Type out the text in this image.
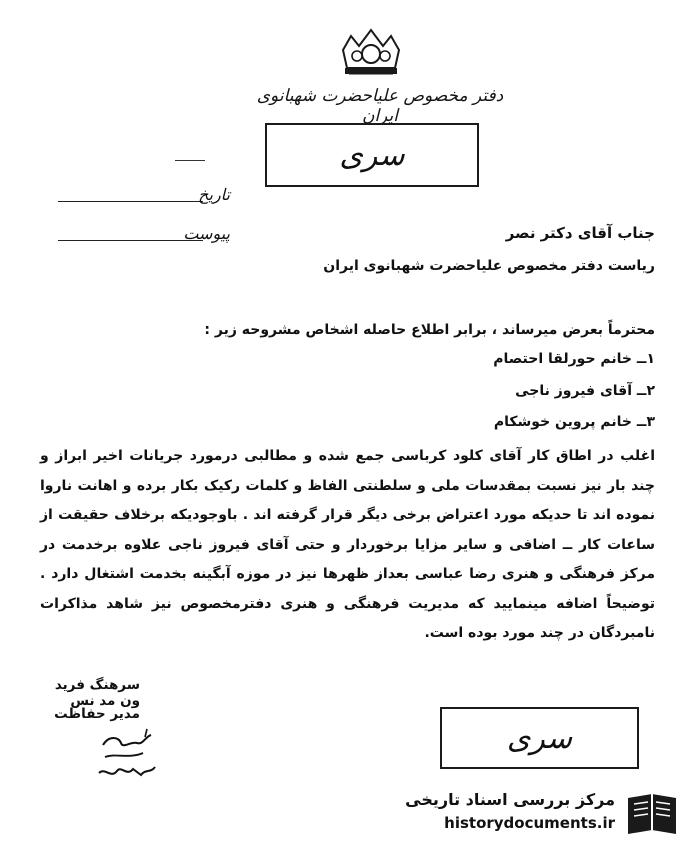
دفتر مخصوص علیاحضرت شهبانوی ایران
سری
تاریخ
پیوست	جناب آقای دکتر نصر
ریاست دفتر مخصوص علیاحضرت شهبانوی ایران
محترماً بعرض میرساند ، برابر اطلاع حاصله اشخاص مشروحه زیر :
۱ــ خانم حورلقا احتصام
۲ــ آقای فیروز ناجی
۳ــ خانم پروین خوشکام
اغلب در اطاق کار آقای کلود کرباسی جمع شده و مطالبی درمورد جریانات اخیر ابراز و چند بار نیز نسبت بمقدسات ملی و سلطنتی الفاظ و کلمات رکیک بکار برده و اهانت ناروا نموده اند تا حدیکه مورد اعتراض برخی دیگر قرار گرفته اند . باوجودیکه برخلاف حقیقت از ساعات کار ــ اضافی و سایر مزایا برخوردار و حتی آقای فیروز ناجی علاوه برخدمت در مرکز فرهنگی و هنری رضا عباسی بعداز ظهرها نیز در موزه آبگینه بخدمت اشتغال دارد . توضیحاً اضافه مینمایید که مدیریت فرهنگی و هنری دفترمخصوص نیز شاهد مذاکرات نامبردگان در چند مورد بوده است.
سرهنگ فرید ون مد نس
مدیر حفاظت
سری
مرکز بررسی اسناد تاریخی
historydocuments.ir
